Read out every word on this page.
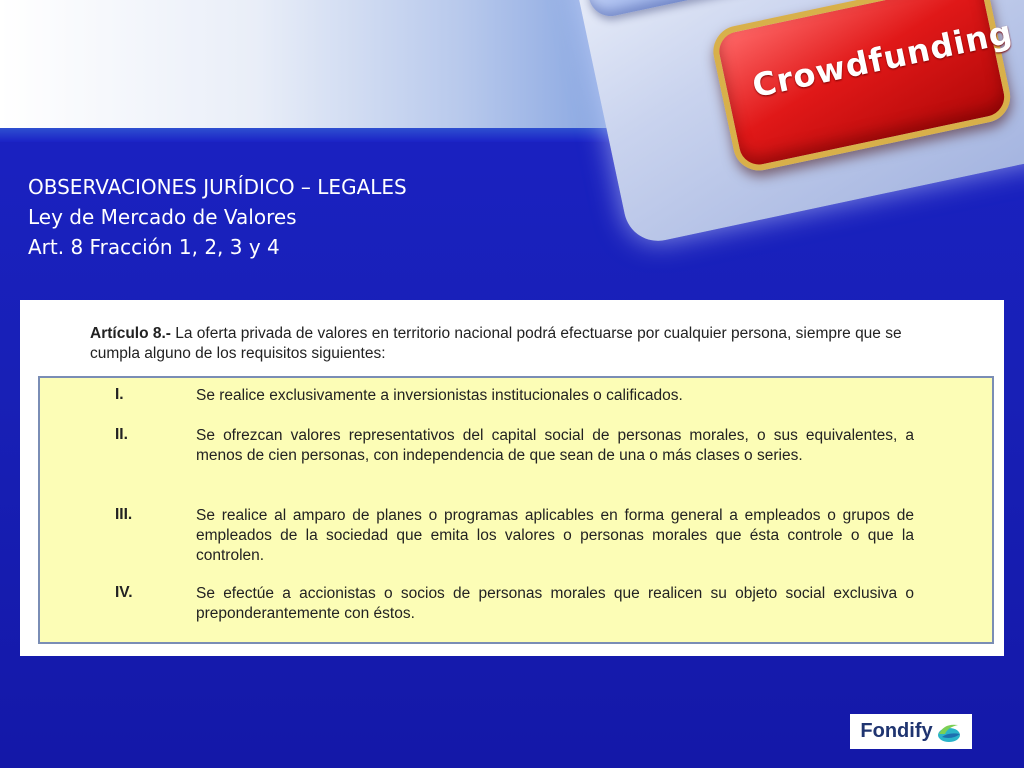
Crowdfunding
OBSERVACIONES JURÍDICO – LEGALES
Ley de Mercado de Valores
Art. 8 Fracción 1, 2, 3 y 4
Artículo 8.- La oferta privada de valores en territorio nacional podrá efectuarse por cualquier persona, siempre que se cumpla alguno de los requisitos siguientes:
I.	Se realice exclusivamente a inversionistas institucionales o calificados.
II.	Se ofrezcan valores representativos del capital social de personas morales, o sus equivalentes, a menos de cien personas, con independencia de que sean de una o más clases o series.
III.	Se realice al amparo de planes o programas aplicables en forma general a empleados o grupos de empleados de la sociedad que emita los valores o personas morales que ésta controle o que la controlen.
IV.	Se efectúe a accionistas o socios de personas morales que realicen su objeto social exclusiva o preponderantemente con éstos.
Fondify
